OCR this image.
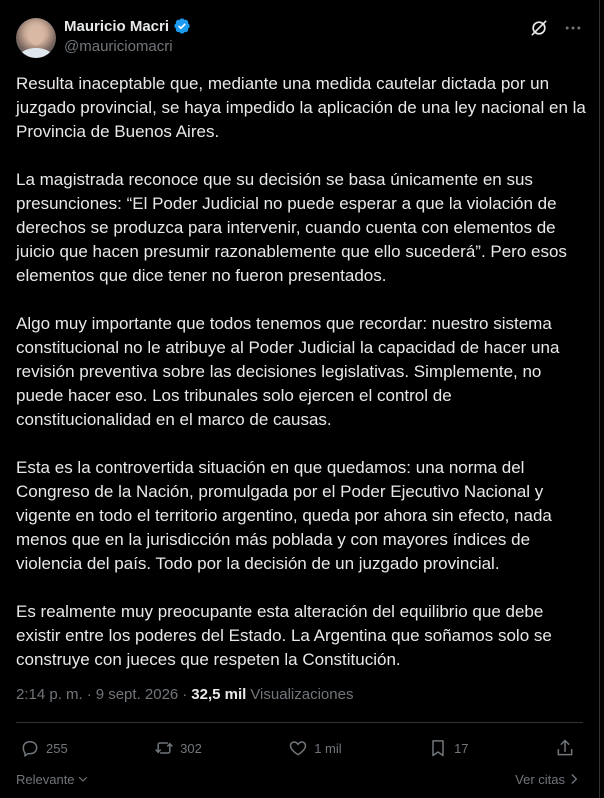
Mauricio Macri
@mauriciomacri

Resulta inaceptable que, mediante una medida cautelar dictada por un juzgado provincial, se haya impedido la aplicación de una ley nacional en la Provincia de Buenos Aires.

La magistrada reconoce que su decisión se basa únicamente en sus presunciones: “El Poder Judicial no puede esperar a que la violación de derechos se produzca para intervenir, cuando cuenta con elementos de juicio que hacen presumir razonablemente que ello sucederá”. Pero esos elementos que dice tener no fueron presentados.

Algo muy importante que todos tenemos que recordar: nuestro sistema constitucional no le atribuye al Poder Judicial la capacidad de hacer una revisión preventiva sobre las decisiones legislativas. Simplemente, no puede hacer eso. Los tribunales solo ejercen el control de constitucionalidad en el marco de causas.

Esta es la controvertida situación en que quedamos: una norma del Congreso de la Nación, promulgada por el Poder Ejecutivo Nacional y vigente en todo el territorio argentino, queda por ahora sin efecto, nada menos que en la jurisdicción más poblada y con mayores índices de violencia del país. Todo por la decisión de un juzgado provincial.

Es realmente muy preocupante esta alteración del equilibrio que debe existir entre los poderes del Estado. La Argentina que soñamos solo se construye con jueces que respeten la Constitución.

2:14 p. m. · 9 sept. 2026 · 32,5 mil Visualizaciones
255	302	1 mil	17
Relevante	Ver citas
